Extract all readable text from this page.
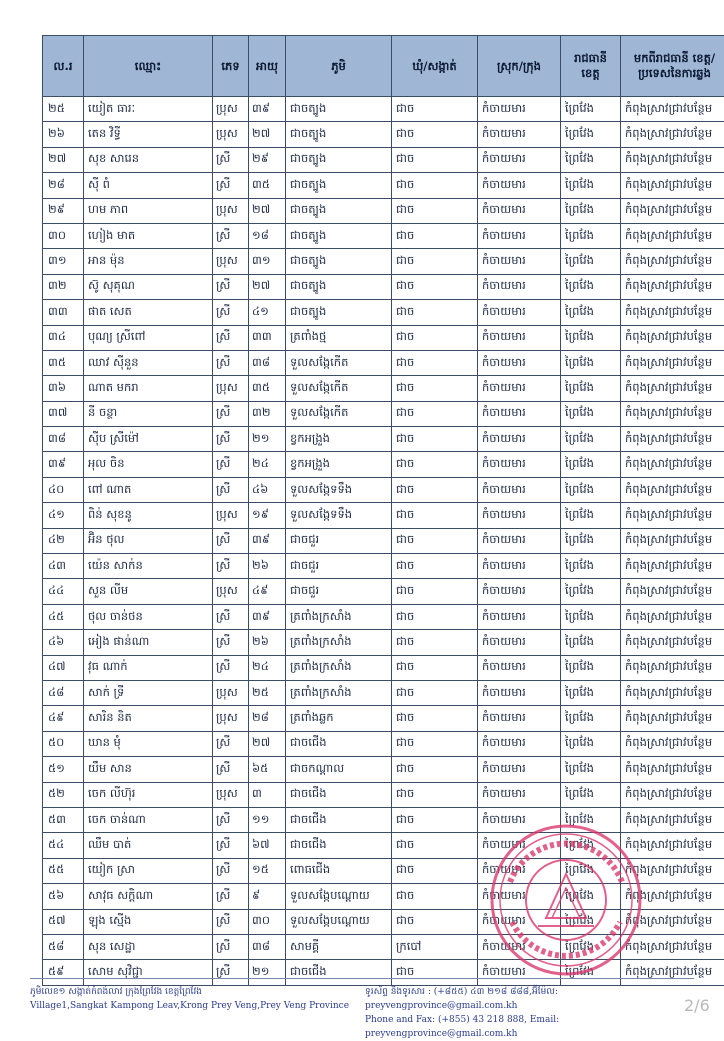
ល.រ	ឈ្មោះ	ភេទ	អាយុ	ភូមិ	ឃុំ/សង្កាត់	ស្រុក/ក្រុង	រាជធានី ខេត្ត	មកពីរាជធានី ខេត្ត/ប្រទេសនៃការឆ្លង
២៥	យៀត ធារៈ	ប្រុស	៣៩	ជាចត្បូង	ជាច	កំចាយមារ	ព្រៃវែង	កំពុងស្រាវជ្រាវបន្ថែម
២៦	តេន វិទ្ធី	ប្រុស	២៧	ជាចត្បូង	ជាច	កំចាយមារ	ព្រៃវែង	កំពុងស្រាវជ្រាវបន្ថែម
២៧	សុខ សារេន	ស្រី	២៩	ជាចត្បូង	ជាច	កំចាយមារ	ព្រៃវែង	កំពុងស្រាវជ្រាវបន្ថែម
២៨	ស៊ី ពំ	ស្រី	៣៥	ជាចត្បូង	ជាច	កំចាយមារ	ព្រៃវែង	កំពុងស្រាវជ្រាវបន្ថែម
២៩	ហម ភាព	ប្រុស	២៧	ជាចត្បូង	ជាច	កំចាយមារ	ព្រៃវែង	កំពុងស្រាវជ្រាវបន្ថែម
៣០	ហៀង មាត	ស្រី	១៨	ជាចត្បូង	ជាច	កំចាយមារ	ព្រៃវែង	កំពុងស្រាវជ្រាវបន្ថែម
៣១	អាន ម៉ុន	ប្រុស	៣១	ជាចត្បូង	ជាច	កំចាយមារ	ព្រៃវែង	កំពុងស្រាវជ្រាវបន្ថែម
៣២	ស៊ូ សុគុណ	ស្រី	២៧	ជាចត្បូង	ជាច	កំចាយមារ	ព្រៃវែង	កំពុងស្រាវជ្រាវបន្ថែម
៣៣	ផាត សេត	ស្រី	៤១	ជាចត្បូង	ជាច	កំចាយមារ	ព្រៃវែង	កំពុងស្រាវជ្រាវបន្ថែម
៣៤	បុណ្យ ស្រីពៅ	ស្រី	៣៣	ត្រពាំងថ្ម	ជាច	កំចាយមារ	ព្រៃវែង	កំពុងស្រាវជ្រាវបន្ថែម
៣៥	ឈាវ ស៊ីនួន	ស្រី	៣៨	ទួលសង្កែកើត	ជាច	កំចាយមារ	ព្រៃវែង	កំពុងស្រាវជ្រាវបន្ថែម
៣៦	ណាត មករា	ប្រុស	៣៥	ទួលសង្កែកើត	ជាច	កំចាយមារ	ព្រៃវែង	កំពុងស្រាវជ្រាវបន្ថែម
៣៧	នី ចន្ថា	ស្រី	៣២	ទួលសង្កែកើត	ជាច	កំចាយមារ	ព្រៃវែង	កំពុងស្រាវជ្រាវបន្ថែម
៣៨	ស៊ីប ស្រីម៉ៅ	ស្រី	២១	ខ្វកអង្រួង	ជាច	កំចាយមារ	ព្រៃវែង	កំពុងស្រាវជ្រាវបន្ថែម
៣៩	អុល ចិន	ស្រី	២៤	ខ្វកអង្រួង	ជាច	កំចាយមារ	ព្រៃវែង	កំពុងស្រាវជ្រាវបន្ថែម
៤០	ពៅ ណាត	ស្រី	៤៦	ទួលសង្កែទទឹង	ជាច	កំចាយមារ	ព្រៃវែង	កំពុងស្រាវជ្រាវបន្ថែម
៤១	ពិន់ សុខនូ	ប្រុស	១៩	ទួលសង្កែទទឹង	ជាច	កំចាយមារ	ព្រៃវែង	កំពុងស្រាវជ្រាវបន្ថែម
៤២	អ៊ិន ថុល	ស្រី	៣៩	ជាចជួរ	ជាច	កំចាយមារ	ព្រៃវែង	កំពុងស្រាវជ្រាវបន្ថែម
៤៣	យ៉េន សាក់ន	ស្រី	២៦	ជាចជួរ	ជាច	កំចាយមារ	ព្រៃវែង	កំពុងស្រាវជ្រាវបន្ថែម
៤៤	សួន លីម	ប្រុស	៤៩	ជាចជួរ	ជាច	កំចាយមារ	ព្រៃវែង	កំពុងស្រាវជ្រាវបន្ថែម
៤៥	ថុល ចាន់ថន	ស្រី	៣៩	ត្រពាំងក្រសាំង	ជាច	កំចាយមារ	ព្រៃវែង	កំពុងស្រាវជ្រាវបន្ថែម
៤៦	អៀង ផាន់ណា	ស្រី	២៦	ត្រពាំងក្រសាំង	ជាច	កំចាយមារ	ព្រៃវែង	កំពុងស្រាវជ្រាវបន្ថែម
៤៧	វុធ ណាក់	ស្រី	២៤	ត្រពាំងក្រសាំង	ជាច	កំចាយមារ	ព្រៃវែង	កំពុងស្រាវជ្រាវបន្ថែម
៤៨	សាក់ ទ្រី	ប្រុស	២៥	ត្រពាំងក្រសាំង	ជាច	កំចាយមារ	ព្រៃវែង	កំពុងស្រាវជ្រាវបន្ថែម
៤៩	សារិន និត	ប្រុស	២៨	ត្រពាំងឆ្លក	ជាច	កំចាយមារ	ព្រៃវែង	កំពុងស្រាវជ្រាវបន្ថែម
៥០	ឃាន មុំ	ស្រី	២៧	ជាចជើង	ជាច	កំចាយមារ	ព្រៃវែង	កំពុងស្រាវជ្រាវបន្ថែម
៥១	យឹម សាន	ស្រី	៦៥	ជាចកណ្តាល	ជាច	កំចាយមារ	ព្រៃវែង	កំពុងស្រាវជ្រាវបន្ថែម
៥២	ចេក លីហ៊ុរ	ប្រុស	៣	ជាចជើង	ជាច	កំចាយមារ	ព្រៃវែង	កំពុងស្រាវជ្រាវបន្ថែម
៥៣	ចេក ចាន់ណា	ស្រី	១១	ជាចជើង	ជាច	កំចាយមារ	ព្រៃវែង	កំពុងស្រាវជ្រាវបន្ថែម
៥៤	ឈឹម បាត់	ស្រី	៦៧	ជាចជើង	ជាច	កំចាយមារ	ព្រៃវែង	កំពុងស្រាវជ្រាវបន្ថែម
៥៥	យៀក ស្រា	ស្រី	១៥	ពោធជើង	ជាច	កំចាយមារ	ព្រៃវែង	កំពុងស្រាវជ្រាវបន្ថែម
៥៦	សាវុធ សក្តិណា	ស្រី	៩	ទួលសង្កែបណ្តោយ	ជាច	កំចាយមារ	ព្រៃវែង	កំពុងស្រាវជ្រាវបន្ថែម
៥៧	ឡុង ស្មើង	ស្រី	៣០	ទួលសង្កែបណ្តោយ	ជាច	កំចាយមារ	ព្រៃវែង	កំពុងស្រាវជ្រាវបន្ថែម
៥៨	សុន សេដ្ឋា	ស្រី	៣៨	សាមគ្គី	ក្របៅ	កំចាយមារ	ព្រៃវែង	កំពុងស្រាវជ្រាវបន្ថែម
៥៩	សោម សុវិជ្ជា	ស្រី	២១	ជាចជើង	ជាច	កំចាយមារ	ព្រៃវែង	កំពុងស្រាវជ្រាវបន្ថែម
ភូមិលេខ១ សង្កាត់កំពង់លាវ ក្រុងព្រៃវែង ខេត្តព្រៃវែង
Village1,Sangkat Kampong Leav,Krong Prey Veng,Prey Veng Province
ទូរស័ព្ទ និងទូរសារ : (+៨៥៥) ៤៣ ២១៨ ៨៨៨,អ៊ីម៉ែល: preyvengprovince@gmail.com.kh
Phone and Fax: (+855) 43 218 888, Email: preyvengprovince@gmail.com.kh
2/6
